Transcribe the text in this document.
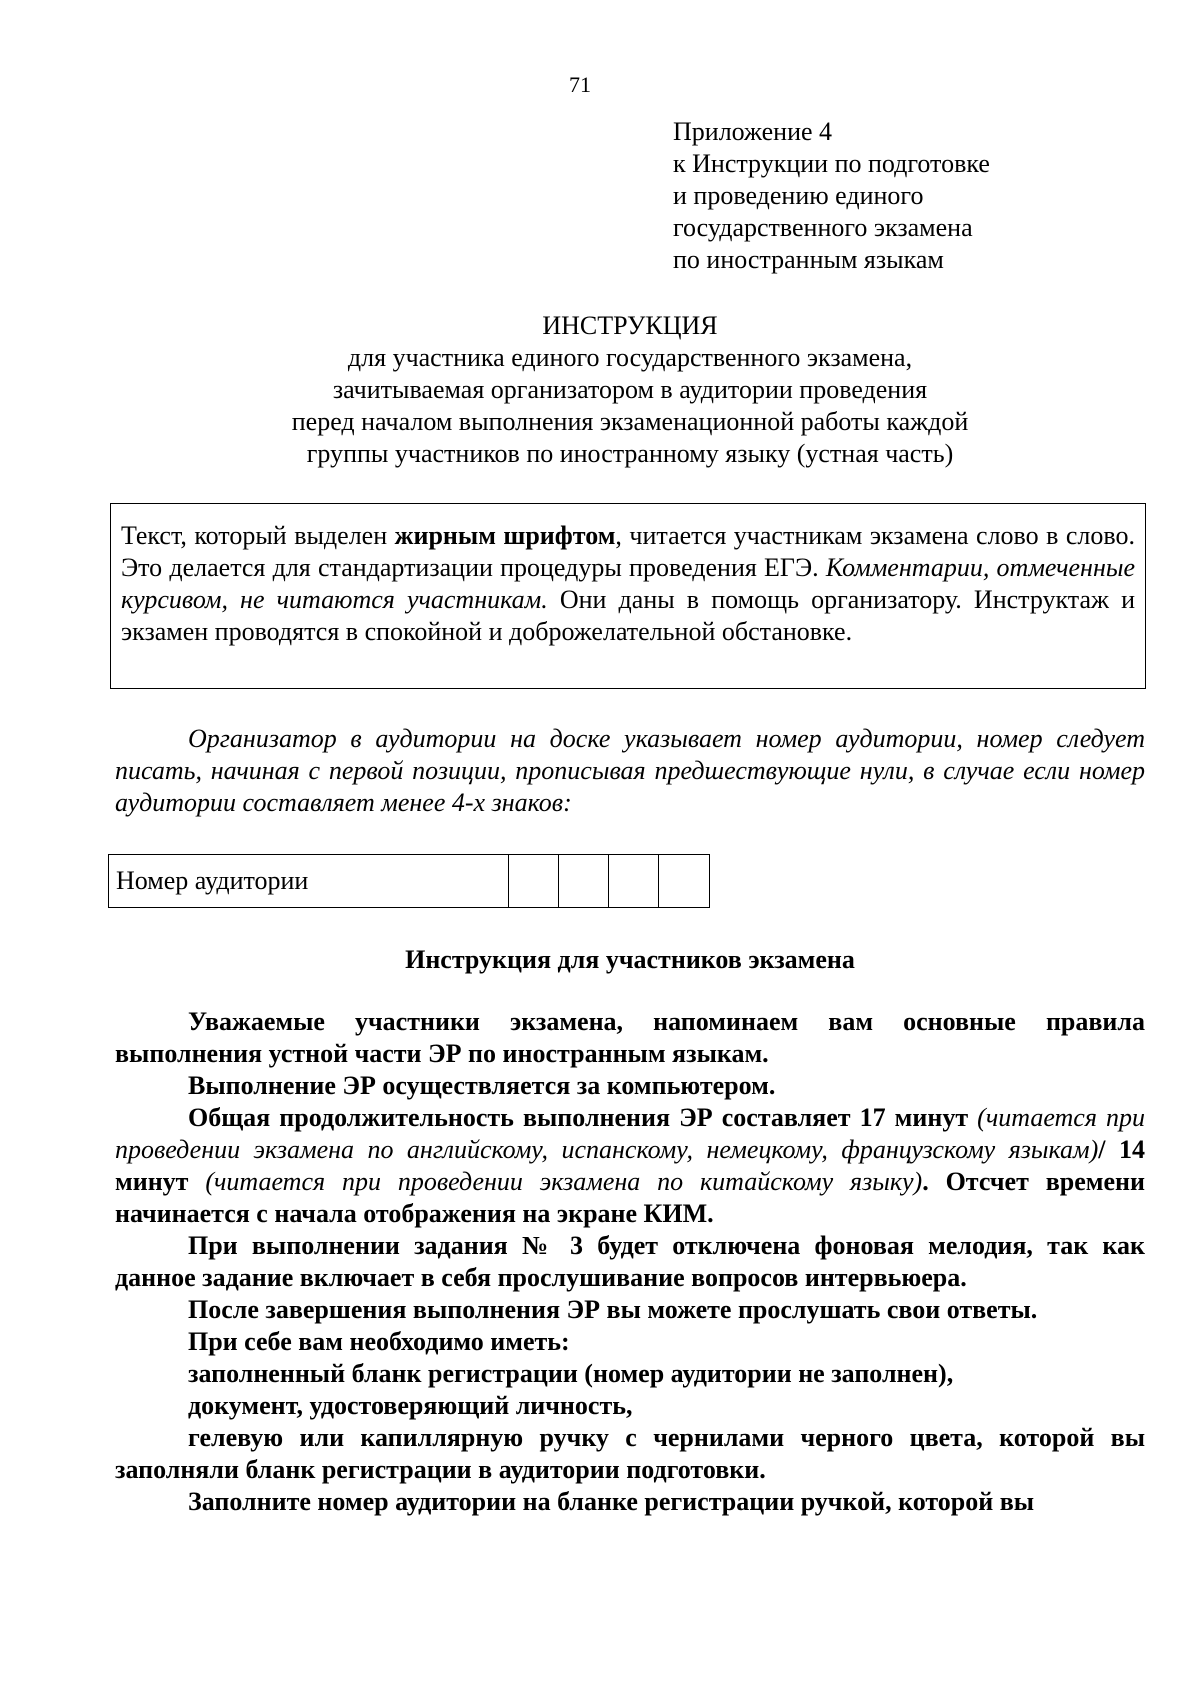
71
Приложение 4
к Инструкции по подготовке
и проведению единого
государственного экзамена
по иностранным языкам
ИНСТРУКЦИЯ
для участника единого государственного экзамена,
зачитываемая организатором в аудитории проведения
перед началом выполнения экзаменационной работы каждой
группы участников по иностранному языку (устная часть)
Текст, который выделен жирным шрифтом, читается участникам экзамена слово в слово. Это делается для стандартизации процедуры проведения ЕГЭ. Комментарии, отмеченные курсивом, не читаются участникам. Они даны в помощь организатору. Инструктаж и экзамен проводятся в спокойной и доброжелательной обстановке.
Организатор в аудитории на доске указывает номер аудитории, номер следует писать, начиная с первой позиции, прописывая предшествующие нули, в случае если номер аудитории составляет менее 4-х знаков:
Номер аудитории
Инструкция для участников экзамена

Уважаемые участники экзамена, напоминаем вам основные правила выполнения устной части ЭР по иностранным языкам.

Выполнение ЭР осуществляется за компьютером.

Общая продолжительность выполнения ЭР составляет 17 минут (читается при проведении экзамена по английскому, испанскому, немецкому, французскому языкам)/ 14 минут (читается при проведении экзамена по китайскому языку). Отсчет времени начинается с начала отображения на экране КИМ.

При выполнении задания № 3 будет отключена фоновая мелодия, так как данное задание включает в себя прослушивание вопросов интервьюера.

После завершения выполнения ЭР вы можете прослушать свои ответы.

При себе вам необходимо иметь:

заполненный бланк регистрации (номер аудитории не заполнен),

документ, удостоверяющий личность,

гелевую или капиллярную ручку с чернилами черного цвета, которой вы заполняли бланк регистрации в аудитории подготовки.

Заполните номер аудитории на бланке регистрации ручкой, которой вы
